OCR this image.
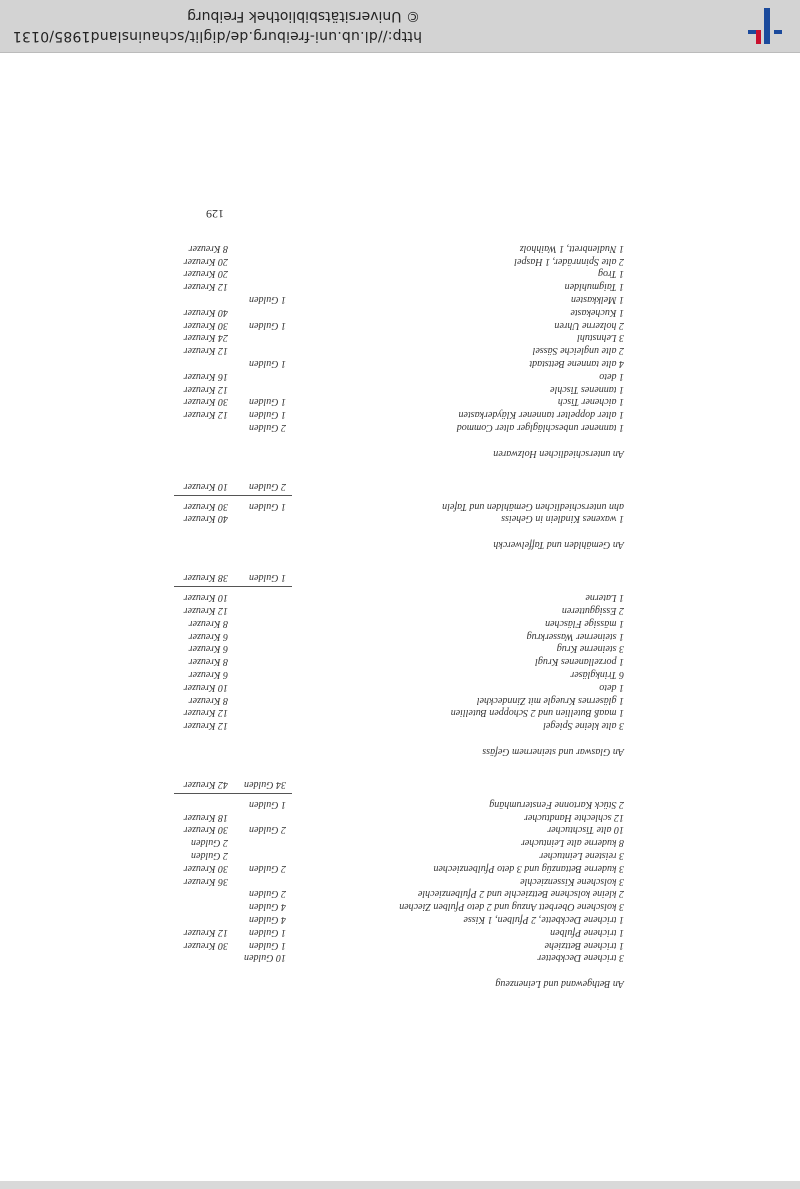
An Bethgewand und Leinenzeug
3 trichene Deckbetter
10 Gulden
1 trichene Bettziehe
1 Gulden
30 Kreuzer
1 trichene Pfulben
1 Gulden
12 Kreuzer
1 trichene Deckbette, 2 Pfulben, 1 Kisse
4 Gulden
3 kolschene Oberbett Anzug und 2 deto Pfulben Ziechen
4 Gulden
2 kleine kolschene Bettziechle und 2 Pfulbenziechle
2 Gulden
3 kolschene Kissenziechle
36 Kreuzer
3 kuderne Bettanzüg und 3 deto Pfulbenziechen
2 Gulden
30 Kreuzer
3 reistene Leintucher
2 Gulden
8 kuderne alte Leintucher
2 Gulden
10 alte Tischtucher
2 Gulden
30 Kreuzer
12 schlechte Handtucher
18 Kreuzer
2 Stück Kartonne Fensterumhäng
1 Gulden
34 Gulden
42 Kreuzer
An Glaswar und steinernem Gefäss
3 alte kleine Spiegel
12 Kreuzer
1 maaß Butellien und 2 Schoppen Butellien
12 Kreuzer
1 gläsernes Kruegle mit Zinndeckhel
8 Kreuzer
1 deto
10 Kreuzer
6 Trinkgläser
6 Kreuzer
1 porzellanenes Krugl
8 Kreuzer
3 steinerne Krug
6 Kreuzer
1 steinerner Wasserkrug
6 Kreuzer
1 mässige Fläschen
8 Kreuzer
2 Essiggutteren
12 Kreuzer
1 Laterne
10 Kreuzer
1 Gulden
38 Kreuzer
An Gemählden und Taffelwerckh
1 waxenes Kindlein in Geheiss
40 Kreuzer
ahn unterschiedlichen Gemählden und Tafeln
1 Gulden
30 Kreuzer
2 Gulden
10 Kreuzer
An unterschiedlichen Holzwaren
1 tannener unbeschläglger alter Commod
2 Gulden
1 alter doppelter tannener Kläyderkasten
1 Gulden
12 Kreuzer
1 aichener Tisch
1 Gulden
30 Kreuzer
1 tannenes Tischle
12 Kreuzer
1 deto
16 Kreuzer
4 alte tannene Bettstadt
1 Gulden
2 alte ungleiche Sässel
12 Kreuzer
3 Lehnstuhl
24 Kreuzer
2 holzerne Uhren
1 Gulden
30 Kreuzer
1 Kuchekaste
40 Kreuzer
1 Melkkasten
1 Gulden
1 Taigmuhlden
12 Kreuzer
1 Trog
20 Kreuzer
2 alte Spinnräder, 1 Haspel
20 Kreuzer
1 Nudlenbrett, 1 Waihholz
8 Kreuzer
129
http://dl.ub.uni-freiburg.de/diglit/schauinsland1985/0131
© Universitätsbibliothek Freiburg
